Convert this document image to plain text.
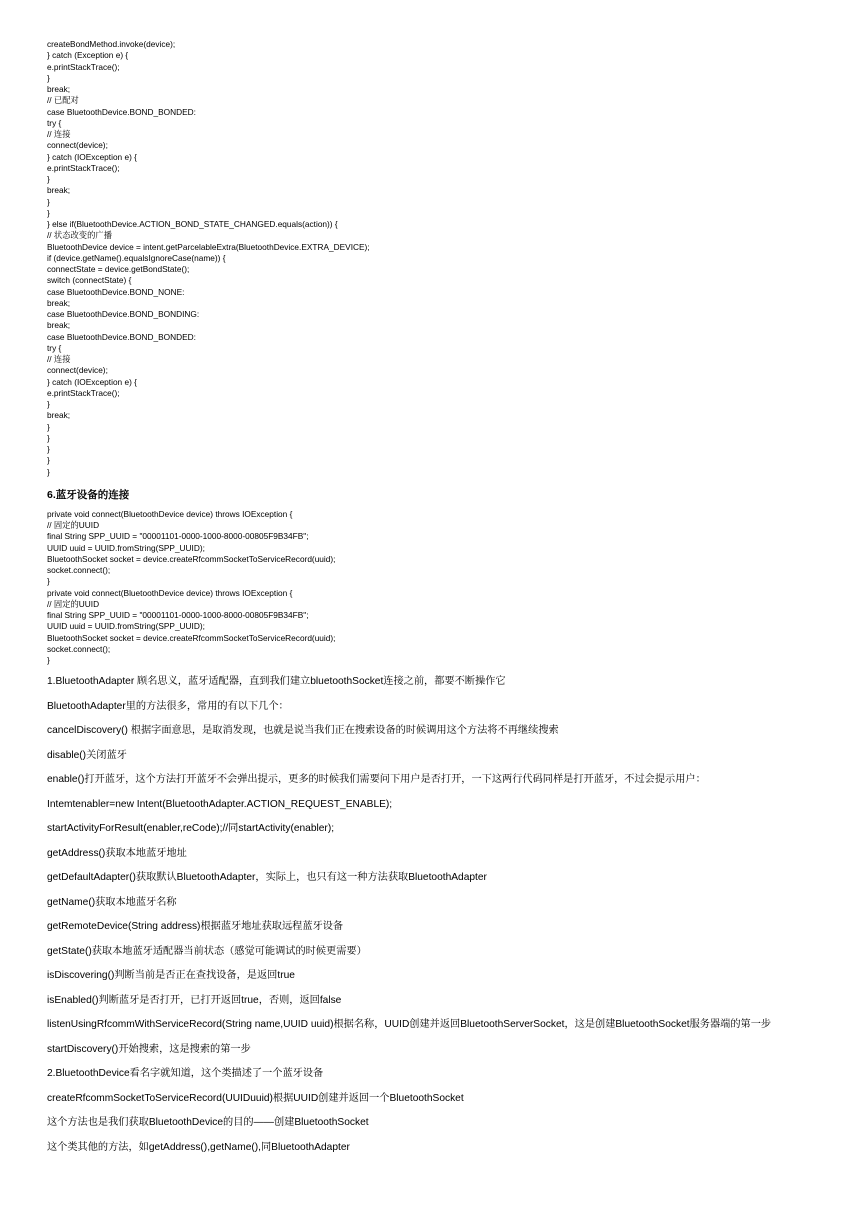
createBondMethod.invoke(device);
} catch (Exception e) {
e.printStackTrace();
}
break;
// 已配对
case BluetoothDevice.BOND_BONDED:
try {
// 连接
connect(device);
} catch (IOException e) {
e.printStackTrace();
}
break;
}
}
} else if(BluetoothDevice.ACTION_BOND_STATE_CHANGED.equals(action)) {
// 状态改变的广播
BluetoothDevice device = intent.getParcelableExtra(BluetoothDevice.EXTRA_DEVICE);
if (device.getName().equalsIgnoreCase(name)) {
connectState = device.getBondState();
switch (connectState) {
case BluetoothDevice.BOND_NONE:
break;
case BluetoothDevice.BOND_BONDING:
break;
case BluetoothDevice.BOND_BONDED:
try {
// 连接
connect(device);
} catch (IOException e) {
e.printStackTrace();
}
break;
}
}
}
}
}
6.蓝牙设备的连接
private void connect(BluetoothDevice device) throws IOException {
// 固定的UUID
final String SPP_UUID = "00001101-0000-1000-8000-00805F9B34FB";
UUID uuid = UUID.fromString(SPP_UUID);
BluetoothSocket socket = device.createRfcommSocketToServiceRecord(uuid);
socket.connect();
}
private void connect(BluetoothDevice device) throws IOException {
// 固定的UUID
final String SPP_UUID = "00001101-0000-1000-8000-00805F9B34FB";
UUID uuid = UUID.fromString(SPP_UUID);
BluetoothSocket socket = device.createRfcommSocketToServiceRecord(uuid);
socket.connect();
}

1.BluetoothAdapter 顾名思义，蓝牙适配器，直到我们建立bluetoothSocket连接之前，都要不断操作它

BluetoothAdapter里的方法很多，常用的有以下几个：

cancelDiscovery() 根据字面意思，是取消发现，也就是说当我们正在搜索设备的时候调用这个方法将不再继续搜索

disable()关闭蓝牙

enable()打开蓝牙，这个方法打开蓝牙不会弹出提示，更多的时候我们需要问下用户是否打开，一下这两行代码同样是打开蓝牙，不过会提示用户：

Intemtenabler=new Intent(BluetoothAdapter.ACTION_REQUEST_ENABLE);

startActivityForResult(enabler,reCode);//同startActivity(enabler);

getAddress()获取本地蓝牙地址

getDefaultAdapter()获取默认BluetoothAdapter，实际上，也只有这一种方法获取BluetoothAdapter

getName()获取本地蓝牙名称

getRemoteDevice(String address)根据蓝牙地址获取远程蓝牙设备

getState()获取本地蓝牙适配器当前状态（感觉可能调试的时候更需要）

isDiscovering()判断当前是否正在查找设备，是返回true

isEnabled()判断蓝牙是否打开，已打开返回true，否则，返回false

listenUsingRfcommWithServiceRecord(String name,UUID uuid)根据名称，UUID创建并返回BluetoothServerSocket，这是创建BluetoothSocket服务器端的第一步

startDiscovery()开始搜索，这是搜索的第一步

2.BluetoothDevice看名字就知道，这个类描述了一个蓝牙设备

createRfcommSocketToServiceRecord(UUIDuuid)根据UUID创建并返回一个BluetoothSocket

这个方法也是我们获取BluetoothDevice的目的——创建BluetoothSocket

这个类其他的方法，如getAddress(),getName(),同BluetoothAdapter
